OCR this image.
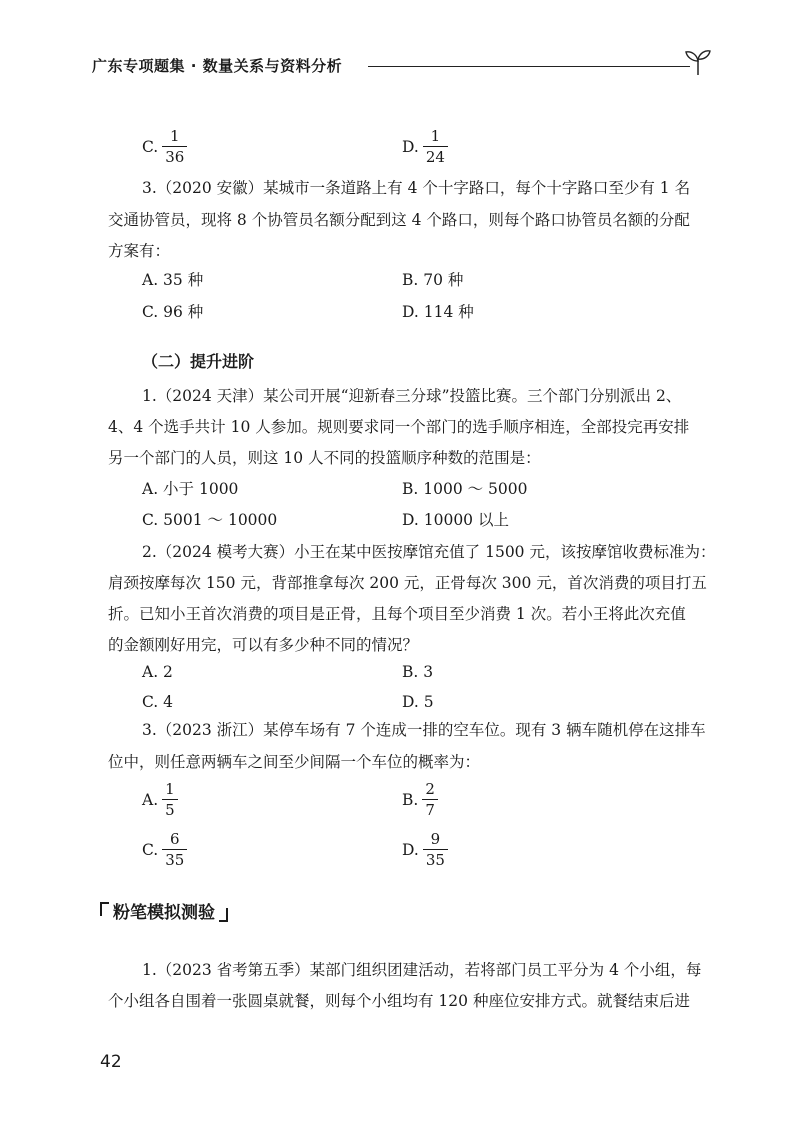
广东专项题集 · 数量关系与资料分析
C. $\frac{1}{36}$	D. $\frac{1}{24}$
3.（2020 安徽）某城市一条道路上有 4 个十字路口，每个十字路口至少有 1 名
交通协管员，现将 8 个协管员名额分配到这 4 个路口，则每个路口协管员名额的分配
方案有：
A. 35 种	B. 70 种
C. 96 种	D. 114 种
（二）提升进阶
1.（2024 天津）某公司开展“迎新春三分球”投篮比赛。三个部门分别派出 2、
4、4 个选手共计 10 人参加。规则要求同一个部门的选手顺序相连，全部投完再安排
另一个部门的人员，则这 10 人不同的投篮顺序种数的范围是：
A. 小于 1000	B. 1000 ～ 5000
C. 5001 ～ 10000	D. 10000 以上
2.（2024 模考大赛）小王在某中医按摩馆充值了 1500 元，该按摩馆收费标准为：
肩颈按摩每次 150 元，背部推拿每次 200 元，正骨每次 300 元，首次消费的项目打五
折。已知小王首次消费的项目是正骨，且每个项目至少消费 1 次。若小王将此次充值
的金额刚好用完，可以有多少种不同的情况？
A. 2	B. 3
C. 4	D. 5
3.（2023 浙江）某停车场有 7 个连成一排的空车位。现有 3 辆车随机停在这排车
位中，则任意两辆车之间至少间隔一个车位的概率为：
A. $\frac{1}{5}$	B. $\frac{2}{7}$
C. $\frac{6}{35}$	D. $\frac{9}{35}$
粉笔模拟测验
1.（2023 省考第五季）某部门组织团建活动，若将部门员工平分为 4 个小组，每
个小组各自围着一张圆桌就餐，则每个小组均有 120 种座位安排方式。就餐结束后进
42
